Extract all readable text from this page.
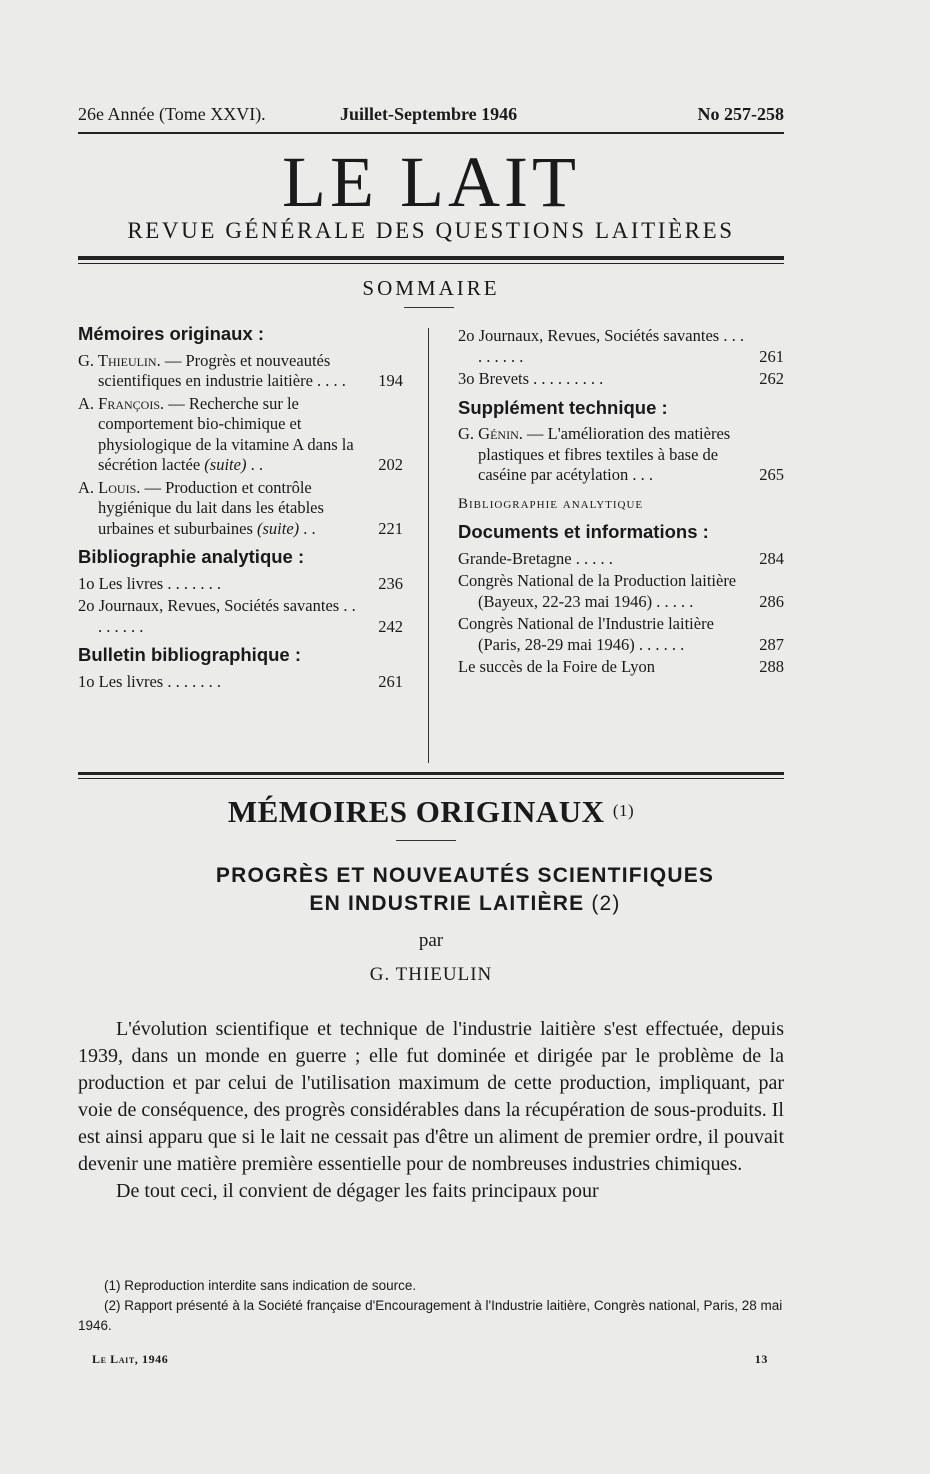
26e Année (Tome XXVI).	Juillet-Septembre 1946	No 257-258
LE LAIT
REVUE GÉNÉRALE DES QUESTIONS LAITIÈRES
SOMMAIRE
Mémoires originaux :
G. Thieulin. — Progrès et nouveautés scientifiques en industrie laitière . . . . 194
A. François. — Recherche sur le comportement bio-chimique et physiologique de la vitamine A dans la sécrétion lactée (suite) . .	202
A. Louis. — Production et contrôle hygiénique du lait dans les étables urbaines et suburbaines (suite) . .	221
Bibliographie analytique :
1o Les livres . . . . . . .	236
2o Journaux, Revues, Sociétés savantes . . . . . . . .	242
Bulletin bibliographique :
1o Les livres . . . . . . .	261
2o Journaux, Revues, Sociétés savantes . . . . . . . . .	261
3o Brevets . . . . . . . . .	262
Supplément technique :
G. Génin. — L'amélioration des matières plastiques et fibres textiles à base de caséine par acétylation . . .	265
Bibliographie analytique
Documents et informations :
Grande-Bretagne . . . . .	284
Congrès National de la Production laitière (Bayeux, 22-23 mai 1946) . . . . .	286
Congrès National de l'Industrie laitière (Paris, 28-29 mai 1946) . . . . . .	287
Le succès de la Foire de Lyon	288
MÉMOIRES ORIGINAUX $^{(1)}$
PROGRÈS ET NOUVEAUTÉS SCIENTIFIQUES
EN INDUSTRIE LAITIÈRE (2)
par
G. THIEULIN

L'évolution scientifique et technique de l'industrie laitière s'est effectuée, depuis 1939, dans un monde en guerre ; elle fut dominée et dirigée par le problème de la production et par celui de l'utilisation maximum de cette production, impliquant, par voie de conséquence, des progrès considérables dans la récupération de sous-produits. Il est ainsi apparu que si le lait ne cessait pas d'être un aliment de premier ordre, il pouvait devenir une matière première essentielle pour de nombreuses industries chimiques.

De tout ceci, il convient de dégager les faits principaux pour

(1) Reproduction interdite sans indication de source.

(2) Rapport présenté à la Société française d'Encouragement à l'Industrie laitière, Congrès national, Paris, 28 mai 1946.

Le Lait, 1946	13
